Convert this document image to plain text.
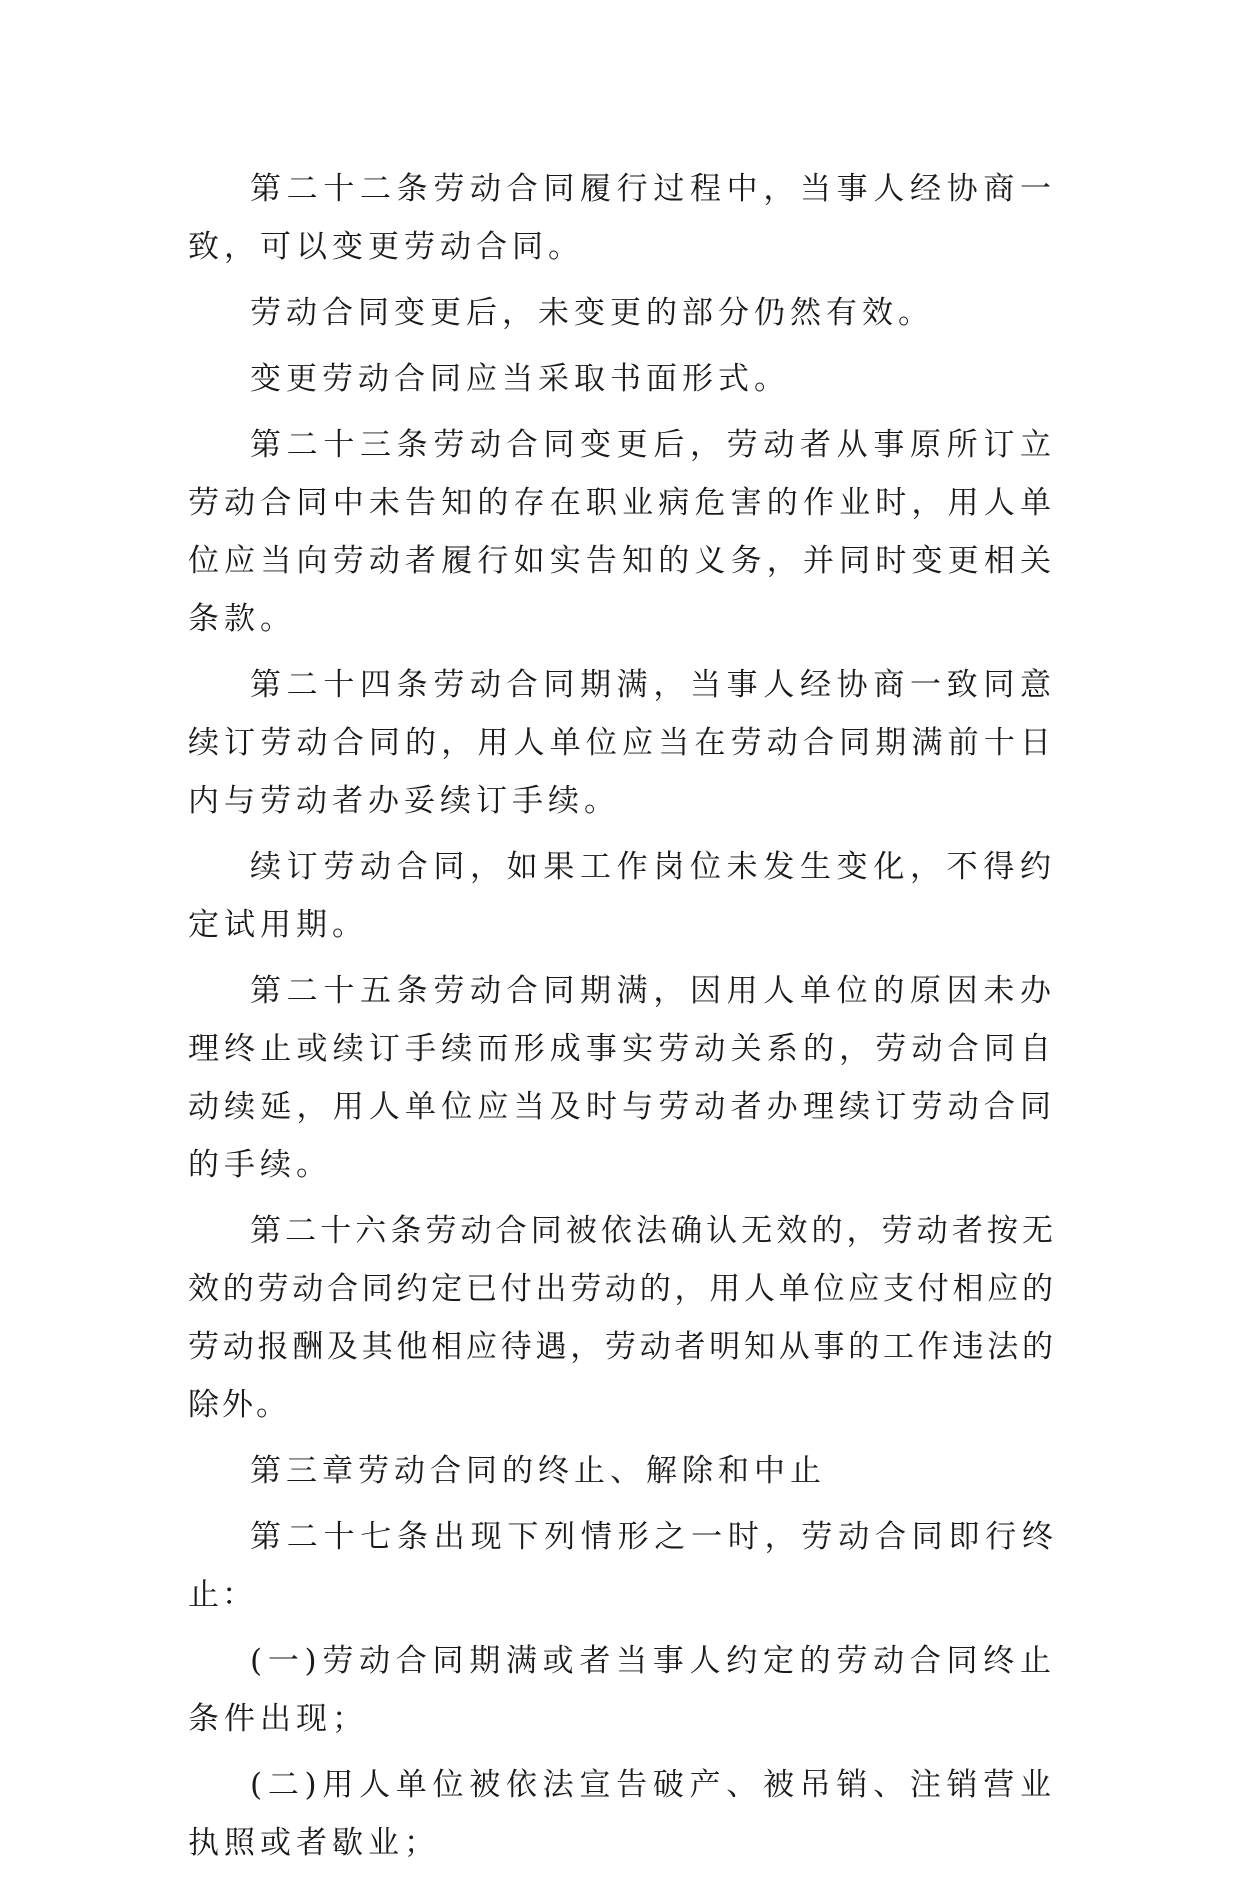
第二十二条劳动合同履行过程中，当事人经协商一致，可以变更劳动合同。

劳动合同变更后，未变更的部分仍然有效。

变更劳动合同应当采取书面形式。

第二十三条劳动合同变更后，劳动者从事原所订立劳动合同中未告知的存在职业病危害的作业时，用人单位应当向劳动者履行如实告知的义务，并同时变更相关条款。

第二十四条劳动合同期满，当事人经协商一致同意续订劳动合同的，用人单位应当在劳动合同期满前十日内与劳动者办妥续订手续。

续订劳动合同，如果工作岗位未发生变化，不得约定试用期。

第二十五条劳动合同期满，因用人单位的原因未办理终止或续订手续而形成事实劳动关系的，劳动合同自动续延，用人单位应当及时与劳动者办理续订劳动合同的手续。

第二十六条劳动合同被依法确认无效的，劳动者按无效的劳动合同约定已付出劳动的，用人单位应支付相应的劳动报酬及其他相应待遇，劳动者明知从事的工作违法的除外。

第三章劳动合同的终止、解除和中止

第二十七条出现下列情形之一时，劳动合同即行终止：

(一)劳动合同期满或者当事人约定的劳动合同终止条件出现；

(二)用人单位被依法宣告破产、被吊销、注销营业执照或者歇业；
